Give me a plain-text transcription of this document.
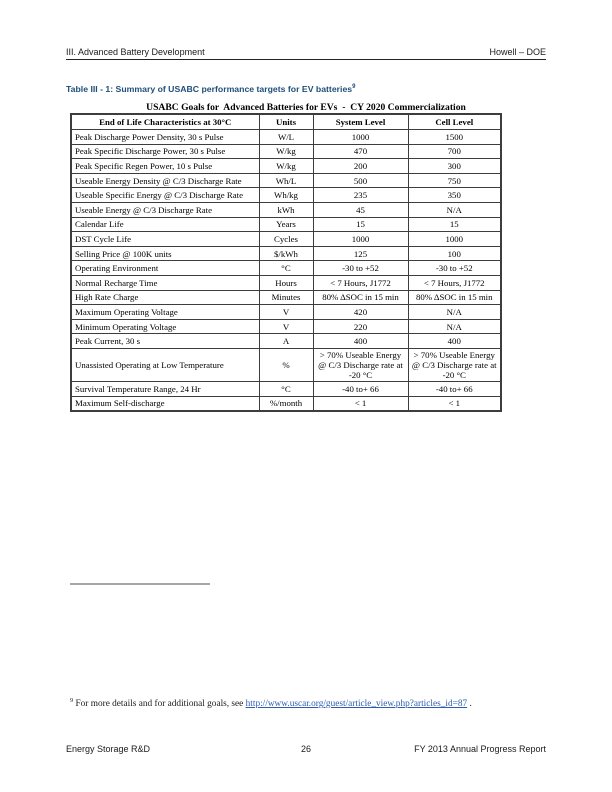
III. Advanced Battery Development	Howell – DOE
Table III - 1: Summary of USABC performance targets for EV batteries$^9$
USABC Goals for  Advanced Batteries for EVs  -  CY 2020 Commercialization
End of Life Characteristics at 30°C	Units	System Level	Cell Level
Peak Discharge Power Density, 30 s Pulse	W/L	1000	1500
Peak Specific Discharge Power, 30 s Pulse	W/kg	470	700
Peak Specific Regen Power, 10 s Pulse	W/kg	200	300
Useable Energy Density @ C/3 Discharge Rate	Wh/L	500	750
Useable Specific Energy @ C/3 Discharge Rate	Wh/kg	235	350
Useable Energy @ C/3 Discharge Rate	kWh	45	N/A
Calendar Life	Years	15	15
DST Cycle Life	Cycles	1000	1000
Selling Price @ 100K units	$/kWh	125	100
Operating Environment	°C	-30 to +52	-30 to +52
Normal Recharge Time	Hours	< 7 Hours, J1772	< 7 Hours, J1772
High Rate Charge	Minutes	80% ΔSOC in 15 min	80% ΔSOC in 15 min
Maximum Operating Voltage	V	420	N/A
Minimum Operating Voltage	V	220	N/A
Peak Current, 30 s	A	400	400
Unassisted Operating at Low Temperature	%	> 70% Useable Energy @ C/3 Discharge rate at -20 °C	> 70% Useable Energy @ C/3 Discharge rate at -20 °C
Survival Temperature Range, 24 Hr	°C	-40 to+ 66	-40 to+ 66
Maximum Self-discharge	%/month	< 1	< 1
$^9$ For more details and for additional goals, see http://www.uscar.org/guest/article_view.php?articles_id=87 .
26
Energy Storage R&D	FY 2013 Annual Progress Report
